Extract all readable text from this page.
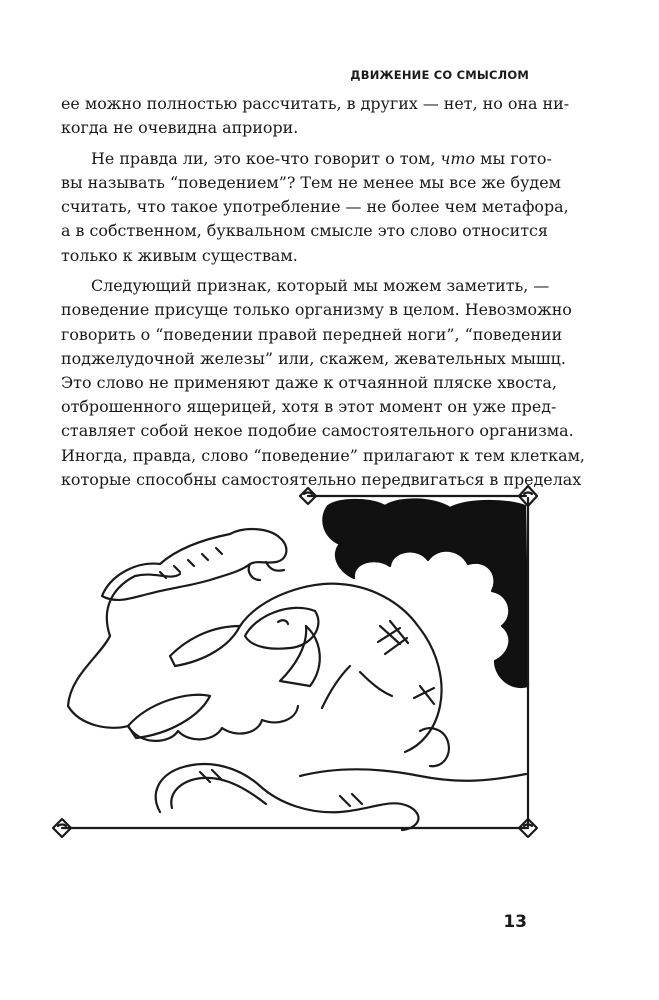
ДВИЖЕНИЕ СО СМЫСЛОМ

ее можно полностью рассчитать, в других — нет, но она ни-
когда не очевидна априори.

Не правда ли, это кое-что говорит о том, что мы гото-
вы называть “поведением”? Тем не менее мы все же будем
считать, что такое употребление — не более чем метафора,
а в собственном, буквальном смысле это слово относится
только к живым существам.

Следующий признак, который мы можем заметить, —
поведение присуще только организму в целом. Невозможно
говорить о “поведении правой передней ноги”, “поведении
поджелудочной железы” или, скажем, жевательных мышц.
Это слово не применяют даже к отчаянной пляске хвоста,
отброшенного ящерицей, хотя в этот момент он уже пред-
ставляет собой некое подобие самостоятельного организма.
Иногда, правда, слово “поведение” прилагают к тем клеткам,
которые способны самостоятельно передвигаться в пределах

13
